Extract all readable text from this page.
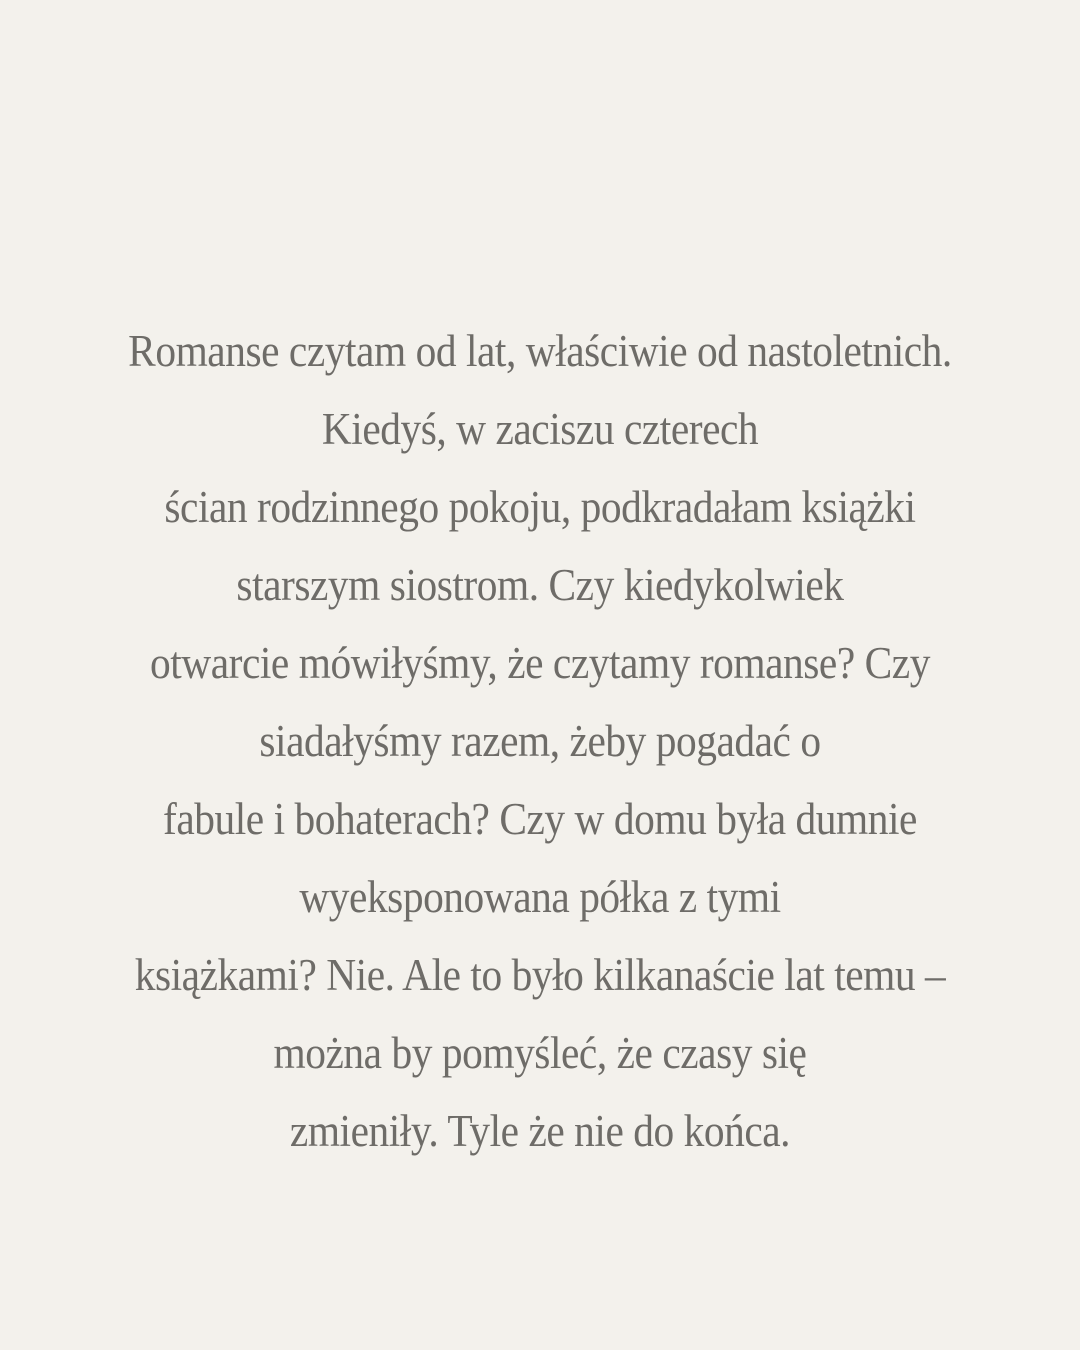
Romanse czytam od lat, właściwie od nastoletnich.
Kiedyś, w zaciszu czterech
ścian rodzinnego pokoju, podkradałam książki
starszym siostrom. Czy kiedykolwiek
otwarcie mówiłyśmy, że czytamy romanse? Czy
siadałyśmy razem, żeby pogadać o
fabule i bohaterach? Czy w domu była dumnie
wyeksponowana półka z tymi
książkami? Nie. Ale to było kilkanaście lat temu –
można by pomyśleć, że czasy się
zmieniły. Tyle że nie do końca.
